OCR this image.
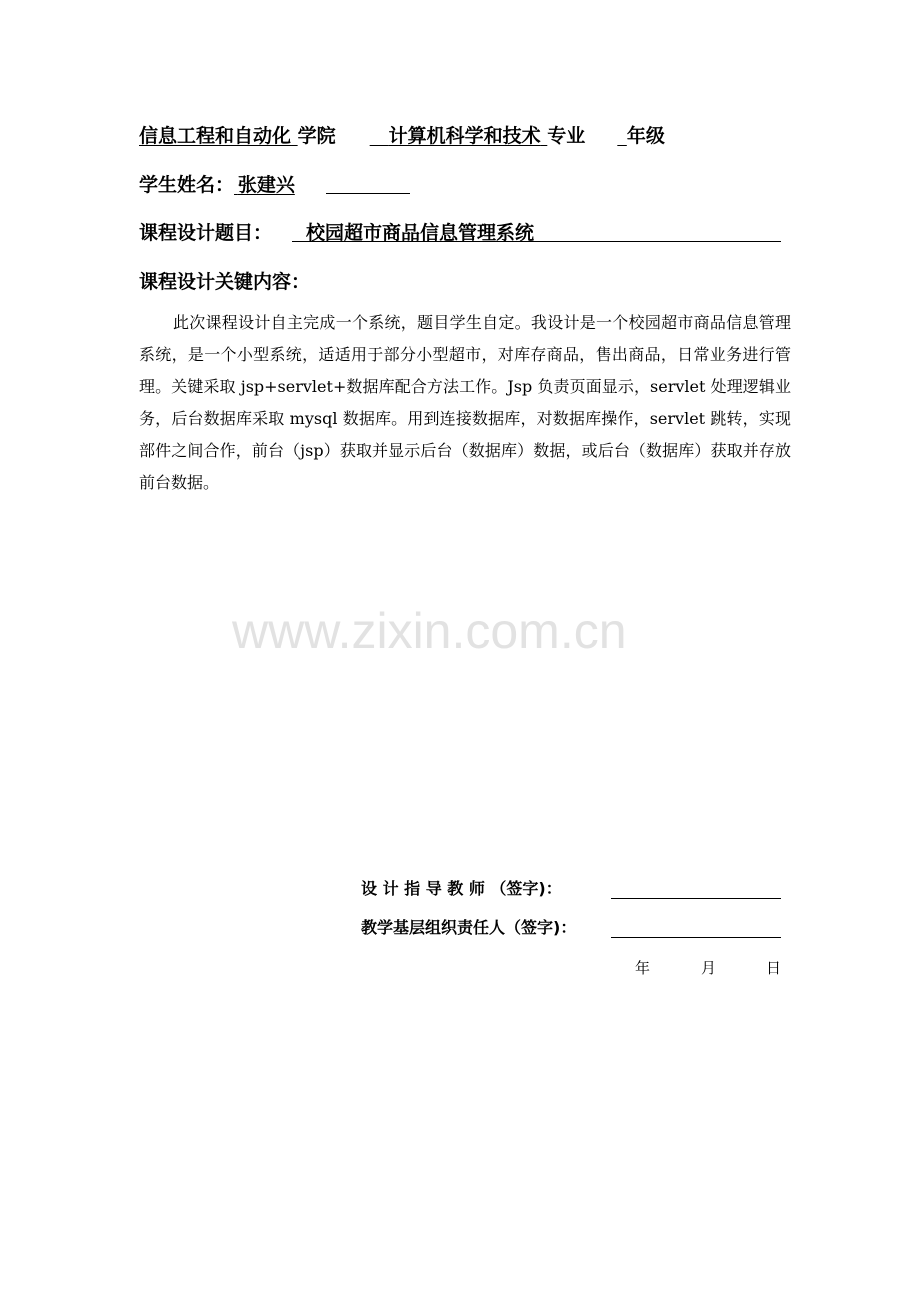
信息工程和自动化 学院 	计算机科学和技术 专业  年级
学生姓名：  张建兴
课程设计题目： 校园超市商品信息管理系统
课程设计关键内容：

此次课程设计自主完成一个系统，题目学生自定。我设计是一个校园超市商品信息管理系统，是一个小型系统，适适用于部分小型超市，对库存商品，售出商品，日常业务进行管理。关键采取 jsp+servlet+数据库配合方法工作。Jsp 负责页面显示，servlet 处理逻辑业务，后台数据库采取 mysql 数据库。用到连接数据库，对数据库操作，servlet 跳转，实现部件之间合作，前台（jsp）获取并显示后台（数据库）数据，或后台（数据库）获取并存放前台数据。

www.zixin.com.cn
设 计 指 导 教 师 （签字)：
教学基层组织责任人（签字)：
年	月	日
